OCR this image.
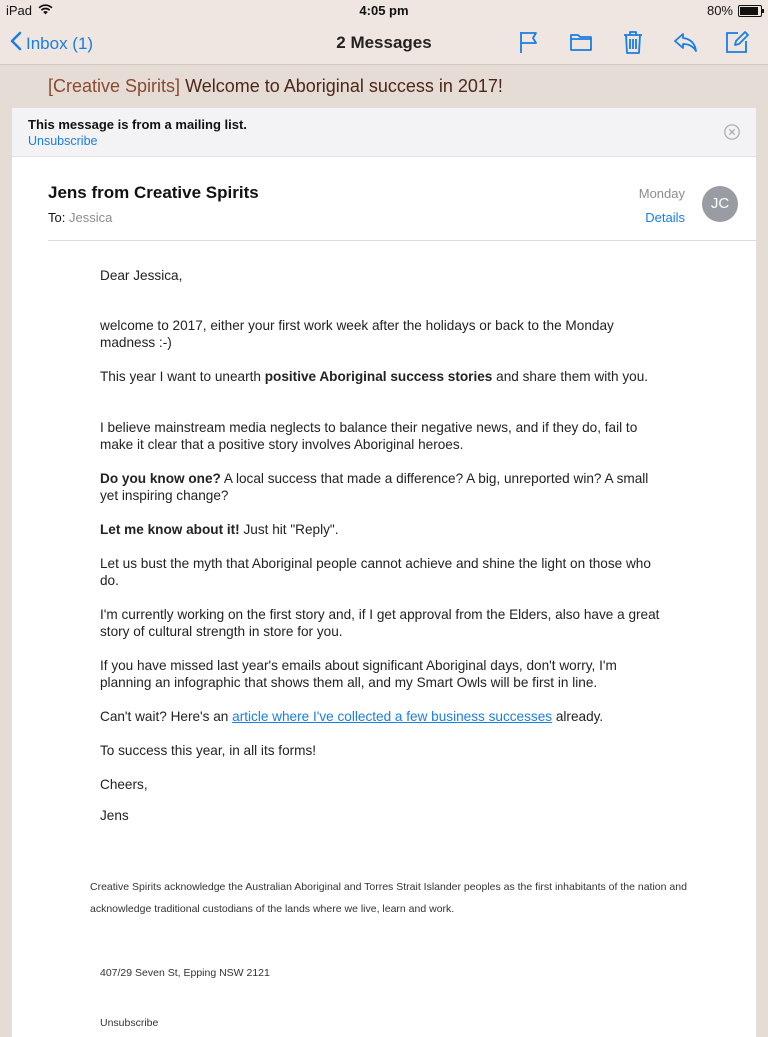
iPad	4:05 pm	80%
Inbox (1)	2 Messages
[Creative Spirits] Welcome to Aboriginal success in 2017!
This message is from a mailing list.
Unsubscribe
Jens from Creative Spirits
To: Jessica
Monday
Details
JC

Dear Jessica,

welcome to 2017, either your first work week after the holidays or back to the Monday madness :-)

This year I want to unearth positive Aboriginal success stories and share them with you.

I believe mainstream media neglects to balance their negative news, and if they do, fail to make it clear that a positive story involves Aboriginal heroes.

Do you know one? A local success that made a difference? A big, unreported win? A small yet inspiring change?

Let me know about it! Just hit "Reply".

Let us bust the myth that Aboriginal people cannot achieve and shine the light on those who do.

I'm currently working on the first story and, if I get approval from the Elders, also have a great story of cultural strength in store for you.

If you have missed last year's emails about significant Aboriginal days, don't worry, I'm planning an infographic that shows them all, and my Smart Owls will be first in line.

Can't wait? Here's an article where I've collected a few business successes already.

To success this year, in all its forms!

Cheers,

Jens

Creative Spirits acknowledge the Australian Aboriginal and Torres Strait Islander peoples as the first inhabitants of the nation and acknowledge traditional custodians of the lands where we live, learn and work.
407/29 Seven St, Epping NSW 2121
Unsubscribe
